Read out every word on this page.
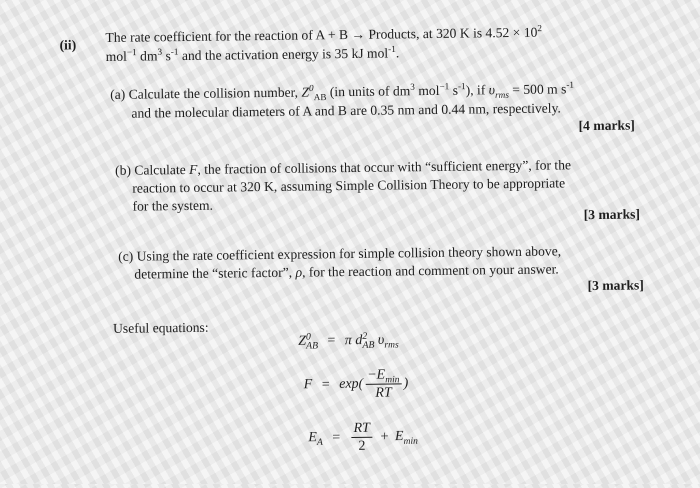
(ii) The rate coefficient for the reaction of A + B → Products, at 320 K is $4.52 \times 10^2$
mol$^{-1}$ $dm^3$ $s^{-1}$ and the activation energy is 35 kJ mol$^{-1}$.
(a) Calculate the collision number, $Z^0_{AB}$ (in units of $dm^3$ mol$^{-1}$ $s^{-1}$), if $\upsilon_{rms} = 500$ m $s^{-1}$
and the molecular diameters of A and B are 0.35 nm and 0.44 nm, respectively.
[4 marks]
(b) Calculate F, the fraction of collisions that occur with “sufficient energy”, for the
reaction to occur at 320 K, assuming Simple Collision Theory to be appropriate
for the system.
[3 marks]
(c) Using the rate coefficient expression for simple collision theory shown above,
determine the “steric factor”, ρ, for the reaction and comment on your answer.
[3 marks]
Useful equations:
Z 0
AB = π d 2
AB $\upsilon_{rms}$
$F = \exp( \frac{-E_{min}}{RT}$ )
$E_A = \frac{RT}{2} + E_{min}$
